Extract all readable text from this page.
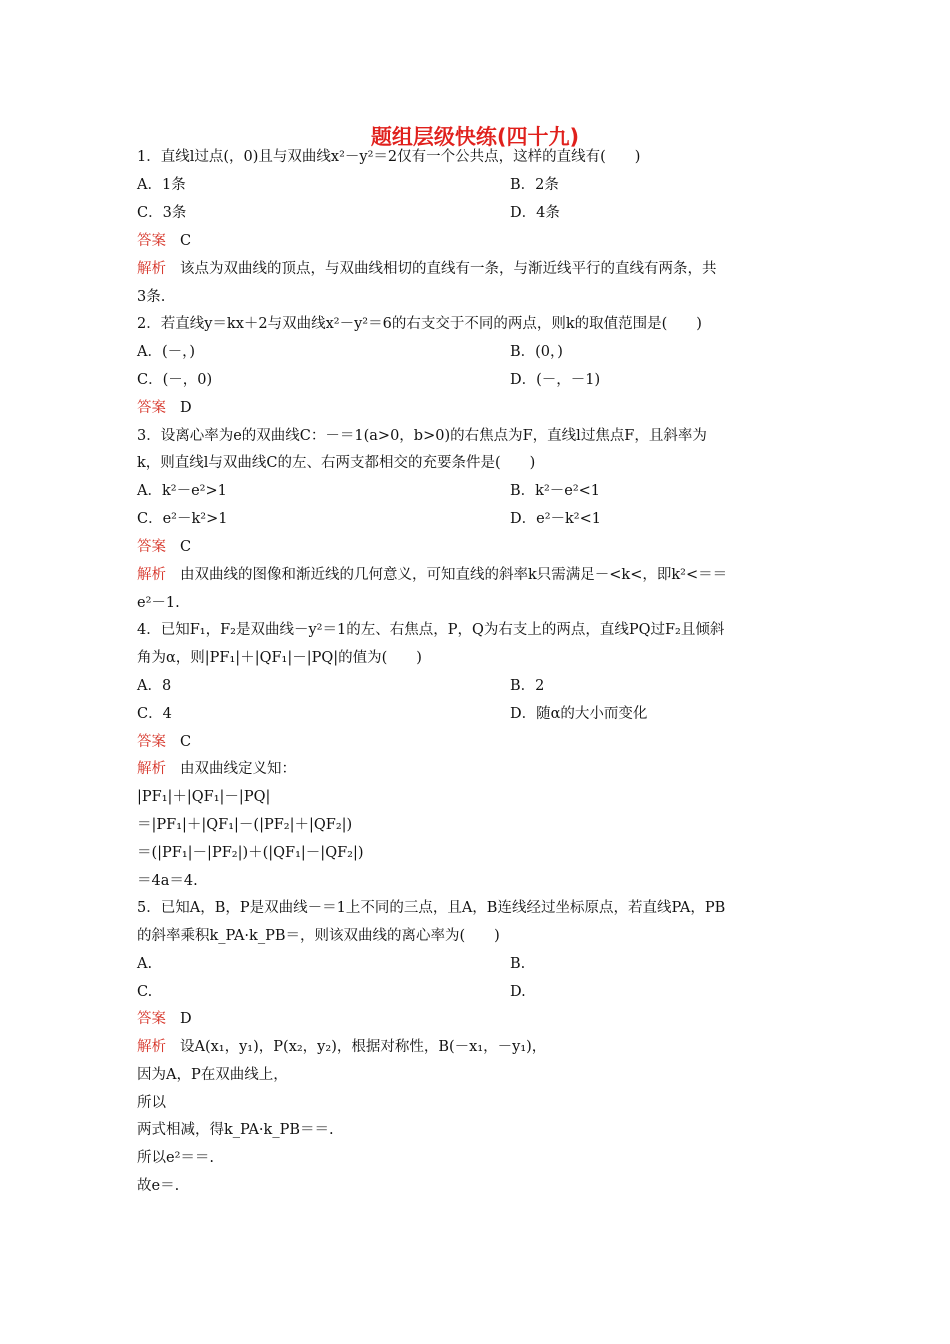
题组层级快练(四十九)
1．直线l过点(，0)且与双曲线x²－y²＝2仅有一个公共点，这样的直线有(　　)
A．1条	B．2条
C．3条	D．4条
答案 C
解析 该点为双曲线的顶点，与双曲线相切的直线有一条，与渐近线平行的直线有两条，共
3条.
2．若直线y＝kx＋2与双曲线x²－y²＝6的右支交于不同的两点，则k的取值范围是(　　)
A．(－，)	B．(0，)
C．(－，0)	D．(－，－1)
答案 D
3．设离心率为e的双曲线C：－＝1(a>0，b>0)的右焦点为F，直线l过焦点F，且斜率为
k，则直线l与双曲线C的左、右两支都相交的充要条件是(　　)
A．k²－e²>1	B．k²－e²<1
C．e²－k²>1	D．e²－k²<1
答案 C
解析 由双曲线的图像和渐近线的几何意义，可知直线的斜率k只需满足－<k<，即k²<＝＝
e²－1.
4．已知F₁，F₂是双曲线－y²＝1的左、右焦点，P，Q为右支上的两点，直线PQ过F₂且倾斜
角为α，则|PF₁|＋|QF₁|－|PQ|的值为(　　)
A．8	B．2
C．4	D．随α的大小而变化
答案 C
解析 由双曲线定义知：
|PF₁|＋|QF₁|－|PQ|
＝|PF₁|＋|QF₁|－(|PF₂|＋|QF₂|)
＝(|PF₁|－|PF₂|)＋(|QF₁|－|QF₂|)
＝4a＝4.
5．已知A，B，P是双曲线－＝1上不同的三点，且A，B连线经过坐标原点，若直线PA，PB
的斜率乘积k_PA·k_PB＝，则该双曲线的离心率为(　　)
A.	B.
C.	D.
答案 D
解析 设A(x₁，y₁)，P(x₂，y₂)，根据对称性，B(－x₁，－y₁)，
因为A，P在双曲线上，
所以
两式相减，得k_PA·k_PB＝＝.
所以e²＝＝.
故e＝.
